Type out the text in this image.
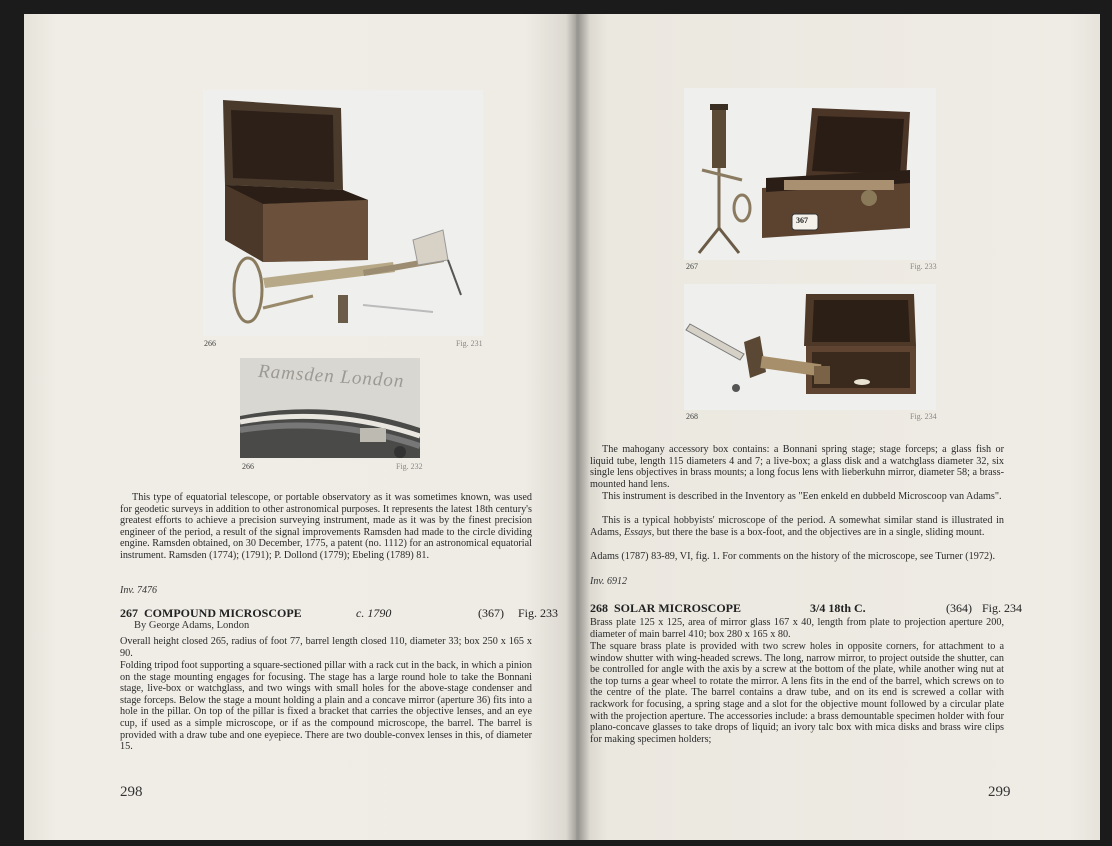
266	Fig. 231
Ramsden London
266	Fig. 232

This type of equatorial telescope, or portable observatory as it was sometimes known, was used for geodetic surveys in addition to other astronomical purposes. It represents the latest 18th century's greatest efforts to achieve a precision surveying instrument, made as it was by the finest precision engineer of the period, a result of the signal improvements Ramsden had made to the circle dividing engine. Ramsden obtained, on 30 December, 1775, a patent (no. 1112) for an astronomical equatorial instrument. Ramsden (1774); (1791); P. Dollond (1779); Ebeling (1789) 81.

Inv. 7476
267 COMPOUND MICROSCOPE	c. 1790	(367) Fig. 233
By George Adams, London

Overall height closed 265, radius of foot 77, barrel length closed 110, diameter 33; box 250 x 165 x 90.

Folding tripod foot supporting a square-sectioned pillar with a rack cut in the back, in which a pinion on the stage mounting engages for focusing. The stage has a large round hole to take the Bonnani stage, live-box or watchglass, and two wings with small holes for the above-stage condenser and stage forceps. Below the stage a mount holding a plain and a concave mirror (aperture 36) fits into a hole in the pillar. On top of the pillar is fixed a bracket that carries the objective lenses, and an eye cup, if used as a simple microscope, or if as the compound microscope, the barrel. The barrel is provided with a draw tube and one eyepiece. There are two double-convex lenses in this, of diameter 15.

298
367
267	Fig. 233
268	Fig. 234

The mahogany accessory box contains: a Bonnani spring stage; stage forceps; a glass fish or liquid tube, length 115 diameters 4 and 7; a live-box; a glass disk and a watchglass diameter 32, six single lens objectives in brass mounts; a long focus lens with lieberkuhn mirror, diameter 58; a brass-mounted hand lens.

This instrument is described in the Inventory as "Een enkeld en dubbeld Microscoop van Adams".

This is a typical hobbyists' microscope of the period. A somewhat similar stand is illustrated in Adams, Essays, but there the base is a box-foot, and the objectives are in a single, sliding mount.

Adams (1787) 83-89, VI, fig. 1. For comments on the history of the microscope, see Turner (1972).

Inv. 6912
268 SOLAR MICROSCOPE	3/4 18th C.	(364) Fig. 234

Brass plate 125 x 125, area of mirror glass 167 x 40, length from plate to projection aperture 200, diameter of main barrel 410; box 280 x 165 x 80.

The square brass plate is provided with two screw holes in opposite corners, for attachment to a window shutter with wing-headed screws. The long, narrow mirror, to project outside the shutter, can be controlled for angle with the axis by a screw at the bottom of the plate, while another wing nut at the top turns a gear wheel to rotate the mirror. A lens fits in the end of the barrel, which screws on to the centre of the plate. The barrel contains a draw tube, and on its end is screwed a collar with rackwork for focusing, a spring stage and a slot for the objective mount followed by a circular plate with the projection aperture. The accessories include: a brass demountable specimen holder with four plano-concave glasses to take drops of liquid; an ivory talc box with mica disks and brass wire clips for making specimen holders;

299
